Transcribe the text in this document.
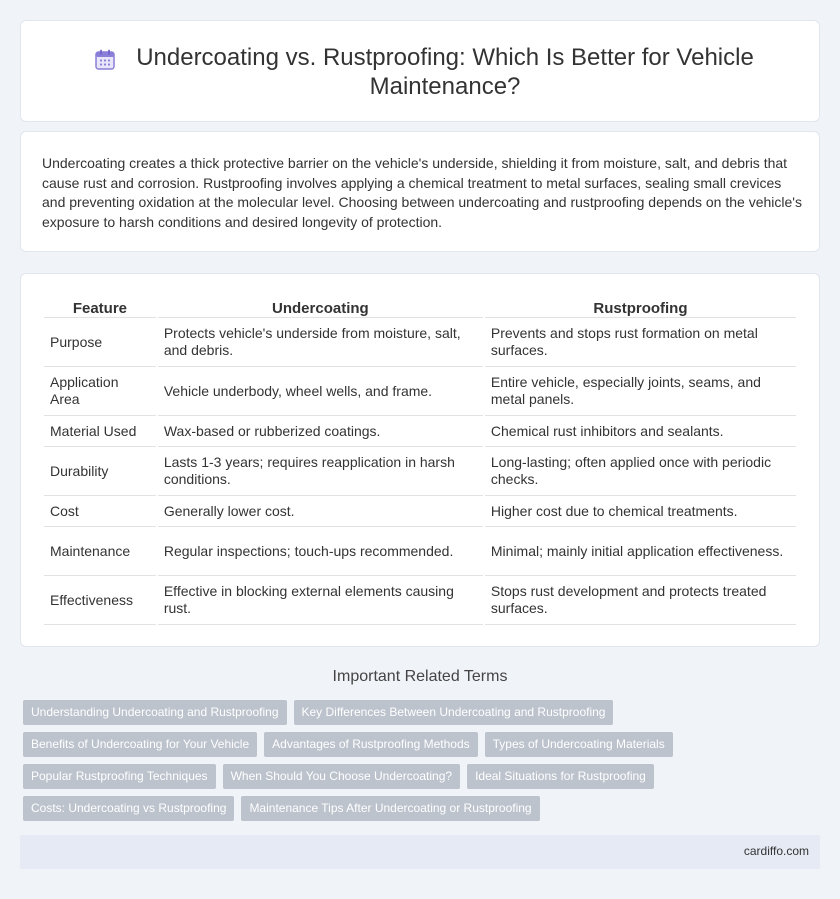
Undercoating vs. Rustproofing: Which Is Better for Vehicle Maintenance?

Undercoating creates a thick protective barrier on the vehicle's underside, shielding it from moisture, salt, and debris that cause rust and corrosion. Rustproofing involves applying a chemical treatment to metal surfaces, sealing small crevices and preventing oxidation at the molecular level. Choosing between undercoating and rustproofing depends on the vehicle's exposure to harsh conditions and desired longevity of protection.

Feature	Undercoating	Rustproofing
Purpose	Protects vehicle's underside from moisture, salt, and debris.	Prevents and stops rust formation on metal surfaces.
Application Area	Vehicle underbody, wheel wells, and frame.	Entire vehicle, especially joints, seams, and metal panels.
Material Used	Wax-based or rubberized coatings.	Chemical rust inhibitors and sealants.
Durability	Lasts 1-3 years; requires reapplication in harsh conditions.	Long-lasting; often applied once with periodic checks.
Cost	Generally lower cost.	Higher cost due to chemical treatments.
Maintenance	Regular inspections; touch-ups recommended.	Minimal; mainly initial application effectiveness.
Effectiveness	Effective in blocking external elements causing rust.	Stops rust development and protects treated surfaces.
Important Related Terms
Understanding Undercoating and Rustproofing	Key Differences Between Undercoating and Rustproofing
Benefits of Undercoating for Your Vehicle	Advantages of Rustproofing Methods	Types of Undercoating Materials
Popular Rustproofing Techniques	When Should You Choose Undercoating?	Ideal Situations for Rustproofing
Costs: Undercoating vs Rustproofing	Maintenance Tips After Undercoating or Rustproofing
cardiffo.com
